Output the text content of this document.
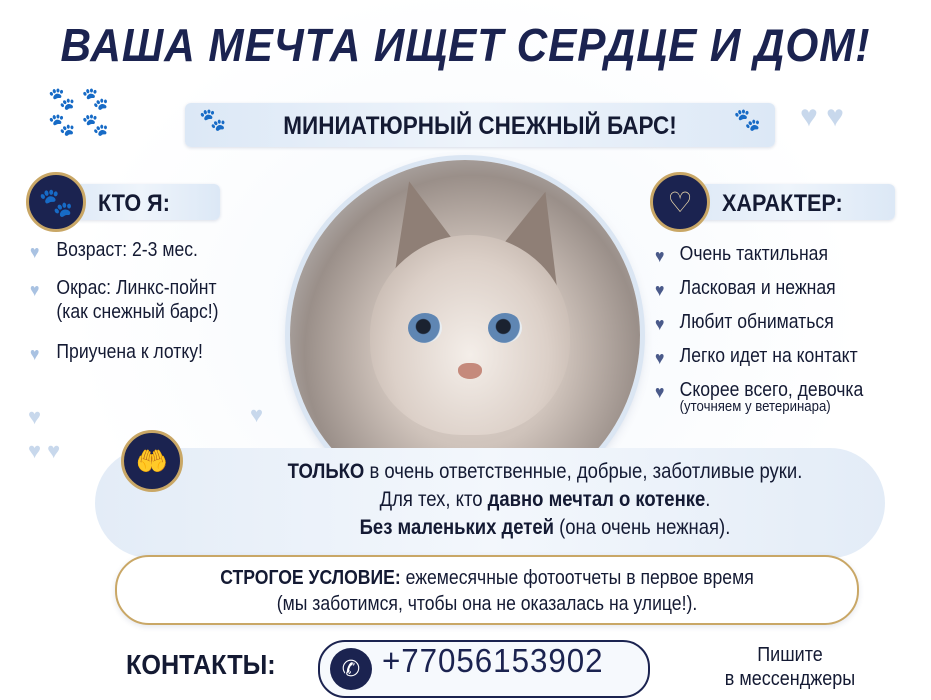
🐾 🐾
🐾 🐾	♥ ♥
♥
♥ ♥
♥
ВАША МЕЧТА ИЩЕТ СЕРДЦЕ И ДОМ!
🐾	МИНИАТЮРНЫЙ СНЕЖНЫЙ БАРС!	🐾
КТО Я:
🐾
♥ Возраст: 2-3 мес.
♥ Окрас: Линкс-пойнт
(как снежный барс!)
♥ Приучена к лотку!
ХАРАКТЕР:
♡
♥ Очень тактильная
♥ Ласковая и нежная
♥ Любит обниматься
♥ Легко идет на контакт
♥ Скорее всего, девочка
(уточняем у ветеринара)
ТОЛЬКО в очень ответственные, добрые, заботливые руки.
Для тех, кто давно мечтал о котенке.
Без маленьких детей (она очень нежная).
🤲
СТРОГОЕ УСЛОВИЕ: ежемесячные фотоотчеты в первое время
(мы заботимся, чтобы она не оказалась на улице!).
КОНТАКТЫ:	✆ +77056153902	Пишите
в мессенджеры
